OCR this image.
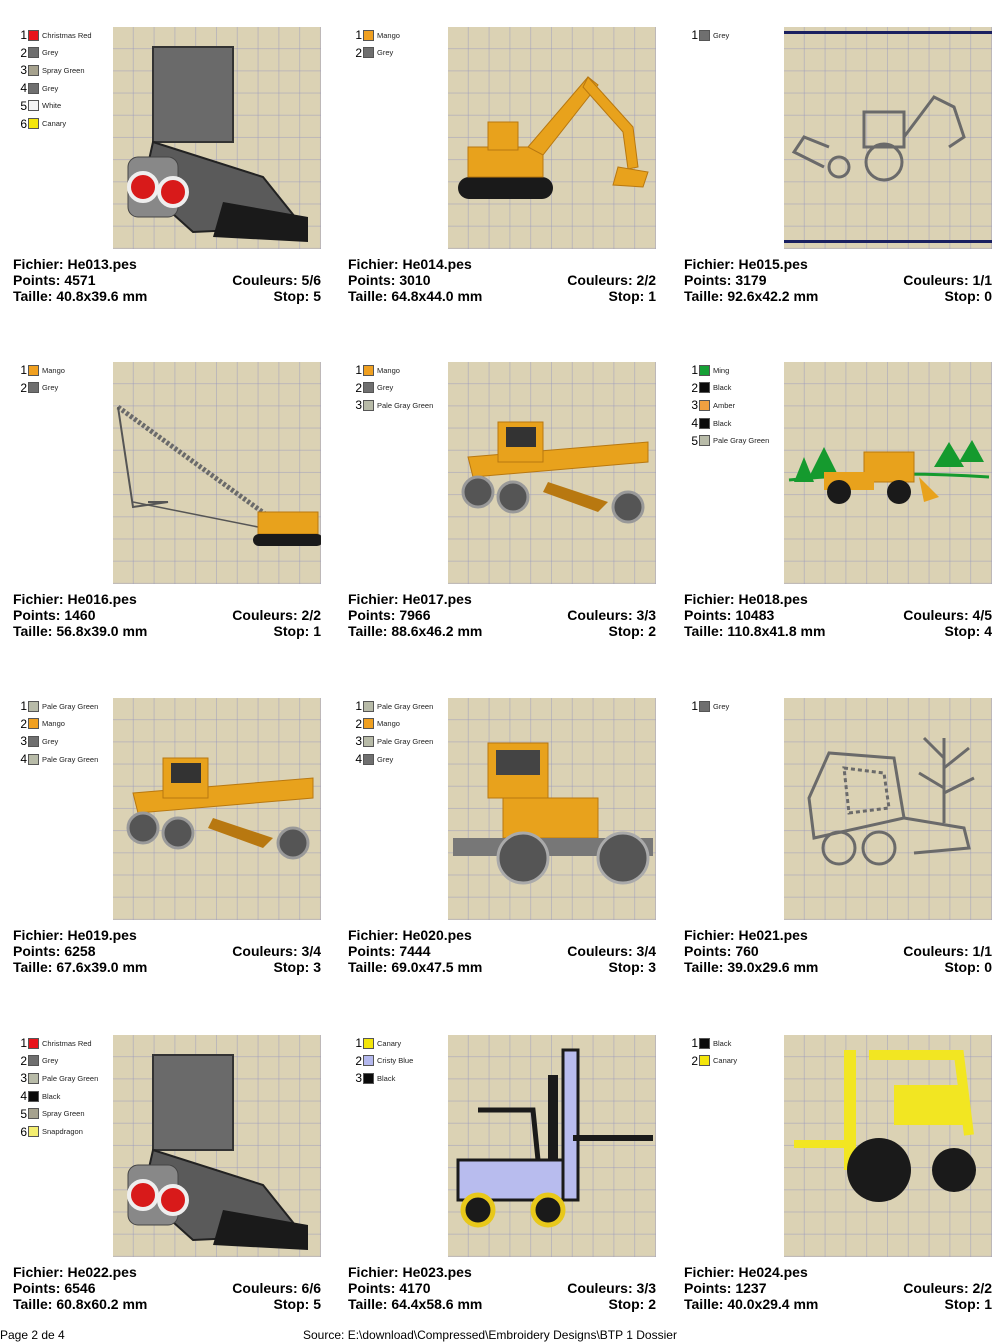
1 Christmas Red
2 Grey
3 Spray Green
4 Grey
5 White
6 Canary
Fichier: He013.pes
Points: 4571	Couleurs: 5/6
Taille: 40.8x39.6 mm	Stop: 5
1 Mango
2 Grey
Fichier: He014.pes
Points: 3010	Couleurs: 2/2
Taille: 64.8x44.0 mm	Stop: 1
1 Grey
Fichier: He015.pes
Points: 3179	Couleurs: 1/1
Taille: 92.6x42.2 mm	Stop: 0
1 Mango
2 Grey
Fichier: He016.pes
Points: 1460	Couleurs: 2/2
Taille: 56.8x39.0 mm	Stop: 1
1 Mango
2 Grey
3 Pale Gray Green
Fichier: He017.pes
Points: 7966	Couleurs: 3/3
Taille: 88.6x46.2 mm	Stop: 2
1 Ming
2 Black
3 Amber
4 Black
5 Pale Gray Green
Fichier: He018.pes
Points: 10483	Couleurs: 4/5
Taille: 110.8x41.8 mm	Stop: 4
1 Pale Gray Green
2 Mango
3 Grey
4 Pale Gray Green
Fichier: He019.pes
Points: 6258	Couleurs: 3/4
Taille: 67.6x39.0 mm	Stop: 3
1 Pale Gray Green
2 Mango
3 Pale Gray Green
4 Grey
Fichier: He020.pes
Points: 7444	Couleurs: 3/4
Taille: 69.0x47.5 mm	Stop: 3
1 Grey
Fichier: He021.pes
Points: 760	Couleurs: 1/1
Taille: 39.0x29.6 mm	Stop: 0
1 Christmas Red
2 Grey
3 Pale Gray Green
4 Black
5 Spray Green
6 Snapdragon
Fichier: He022.pes
Points: 6546	Couleurs: 6/6
Taille: 60.8x60.2 mm	Stop: 5
1 Canary
2 Cristy Blue
3 Black
Fichier: He023.pes
Points: 4170	Couleurs: 3/3
Taille: 64.4x58.6 mm	Stop: 2
1 Black
2 Canary
Fichier: He024.pes
Points: 1237	Couleurs: 2/2
Taille: 40.0x29.4 mm	Stop: 1
Page 2 de 4	Source: E:\download\Compressed\Embroidery Designs\BTP 1 Dossier
